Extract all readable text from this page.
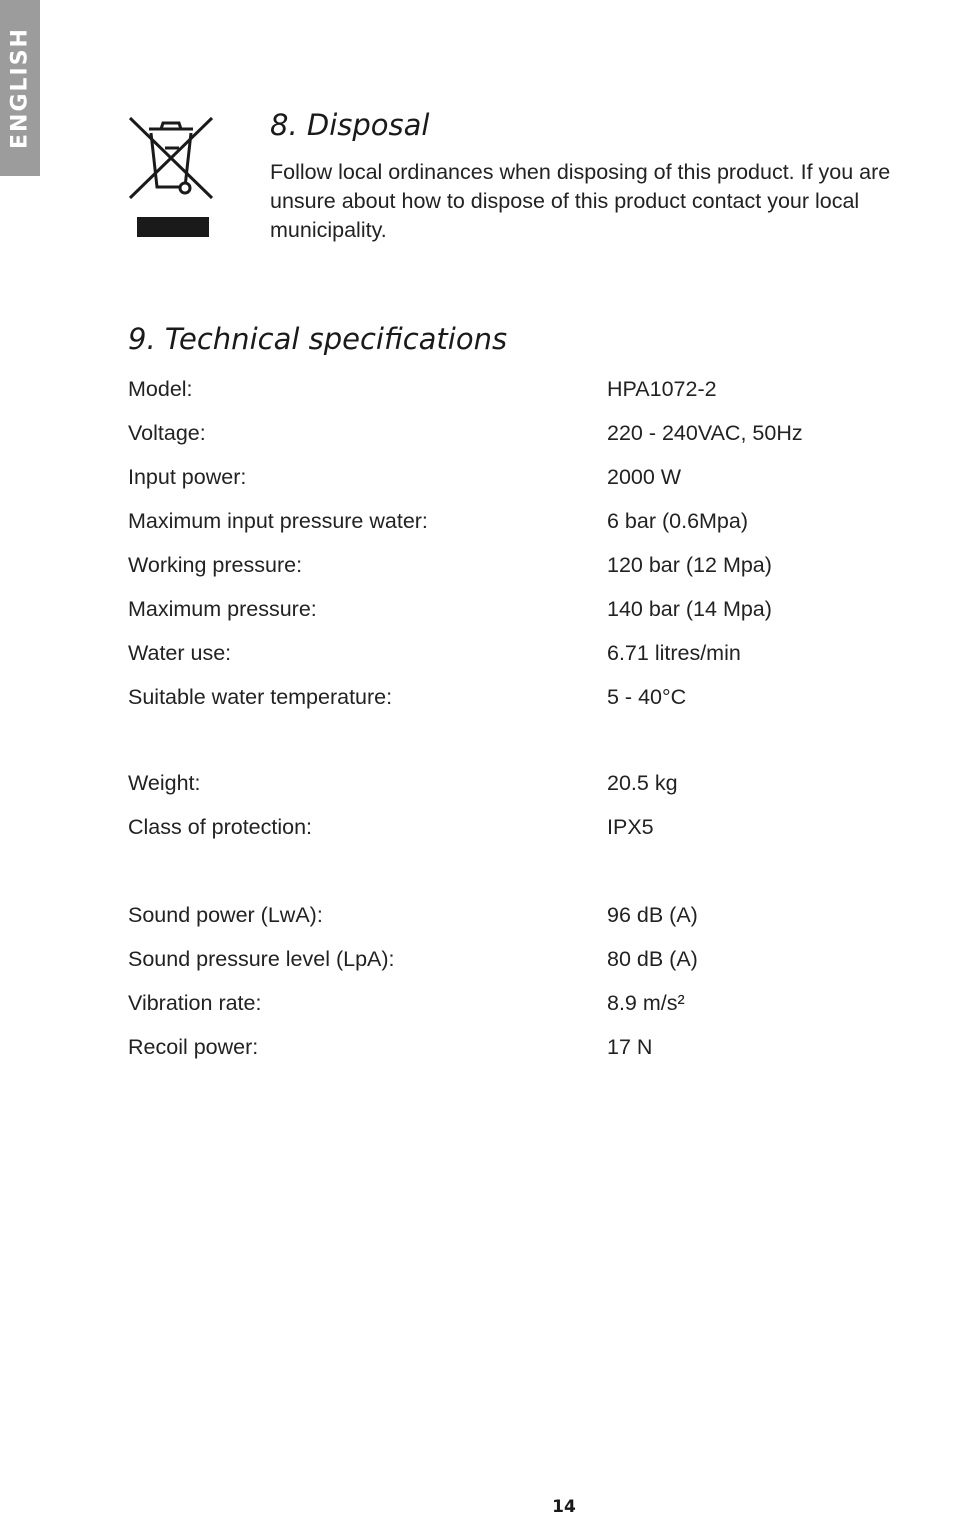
ENGLISH	8. Disposal

Follow local ordinances when disposing of this product. If you are unsure about how to dispose of this product contact your local municipality.

9. Technical specifications
Model:	HPA1072-2
Voltage:	220 - 240VAC, 50Hz
Input power:	2000 W
Maximum input pressure water:	6 bar (0.6Mpa)
Working pressure:	120 bar (12 Mpa)
Maximum pressure:	140 bar (14 Mpa)
Water use:	6.71 litres/min
Suitable water temperature:	5 - 40°C
Weight:	20.5 kg
Class of protection:	IPX5
Sound power (LwA):	96 dB (A)
Sound pressure level (LpA):	80 dB (A)
Vibration rate:	8.9 m/s²
Recoil power:	17 N
14
